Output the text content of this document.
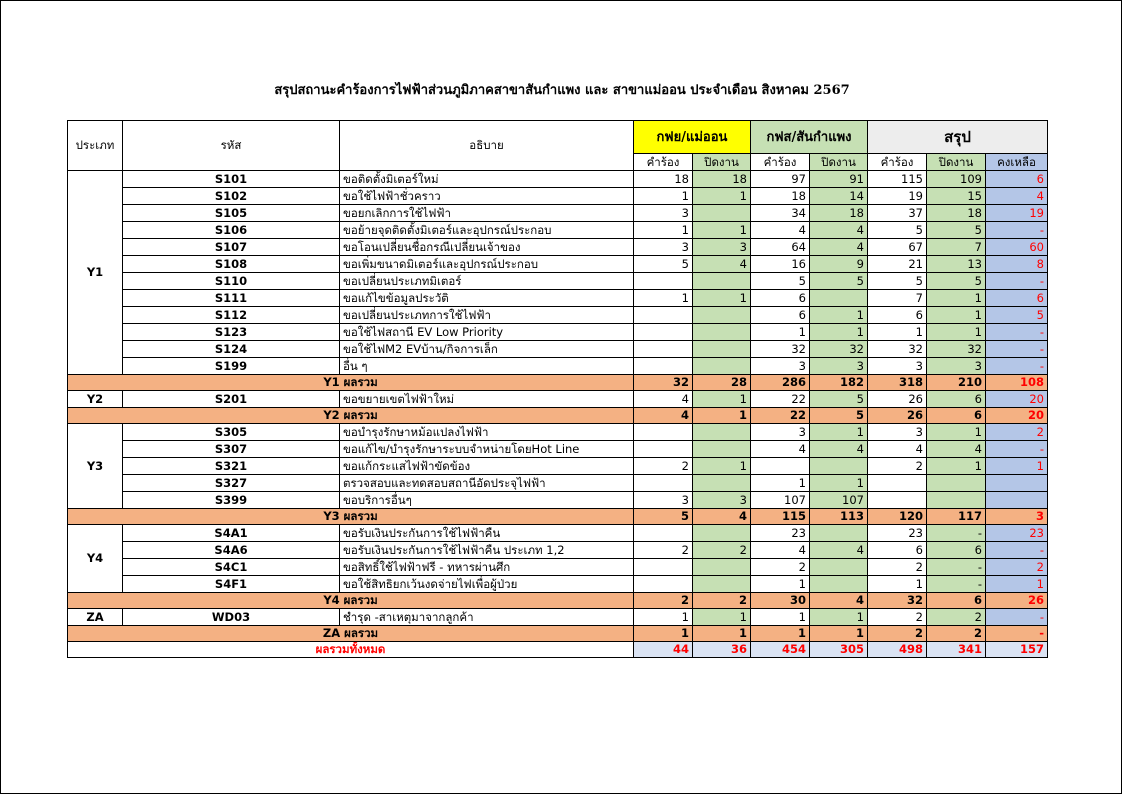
สรุปสถานะคำร้องการไฟฟ้าส่วนภูมิภาคสาขาสันกำแพง และ สาขาแม่ออน ประจำเดือน สิงหาคม 2567
ประเภท	รหัส	อธิบาย	กฟย/แม่ออน		กฟส/สันกำแพง		สรุป		
			คำร้อง	ปิดงาน	คำร้อง	ปิดงาน	คำร้อง	ปิดงาน	คงเหลือ
Y1	S101	ขอติดตั้งมิเตอร์ใหม่	18	18	97	91	115	109	6
	S102	ขอใช้ไฟฟ้าชั่วคราว	1	1	18	14	19	15	4
	S105	ขอยกเลิกการใช้ไฟฟ้า	3		34	18	37	18	19
	S106	ขอย้ายจุดติดตั้งมิเตอร์และอุปกรณ์ประกอบ	1	1	4	4	5	5	-
	S107	ขอโอนเปลี่ยนชื่อกรณีเปลี่ยนเจ้าของ	3	3	64	4	67	7	60
	S108	ขอเพิ่มขนาดมิเตอร์และอุปกรณ์ประกอบ	5	4	16	9	21	13	8
	S110	ขอเปลี่ยนประเภทมิเตอร์			5	5	5	5	-
	S111	ขอแก้ไขข้อมูลประวัติ	1	1	6		7	1	6
	S112	ขอเปลี่ยนประเภทการใช้ไฟฟ้า			6	1	6	1	5
	S123	ขอใช้ไฟสถานี EV Low Priority			1	1	1	1	-
	S124	ขอใช้ไฟM2 EVบ้าน/กิจการเล็ก			32	32	32	32	-
	S199	อื่น ๆ			3	3	3	3	-
Y1 ผลรวม			32	28	286	182	318	210	108
Y2	S201	ขอขยายเขตไฟฟ้าใหม่	4	1	22	5	26	6	20
Y2 ผลรวม			4	1	22	5	26	6	20
Y3	S305	ขอบำรุงรักษาหม้อแปลงไฟฟ้า			3	1	3	1	2
	S307	ขอแก้ไข/บำรุงรักษาระบบจำหน่ายโดยHot Line			4	4	4	4	-
	S321	ขอแก้กระแสไฟฟ้าขัดข้อง	2	1			2	1	1
	S327	ตรวจสอบและทดสอบสถานีอัดประจุไฟฟ้า			1	1			
	S399	ขอบริการอื่นๆ	3	3	107	107			
Y3 ผลรวม			5	4	115	113	120	117	3
Y4	S4A1	ขอรับเงินประกันการใช้ไฟฟ้าคืน			23		23	-	23
	S4A6	ขอรับเงินประกันการใช้ไฟฟ้าคืน ประเภท 1,2	2	2	4	4	6	6	-
	S4C1	ขอสิทธิ์ใช้ไฟฟ้าฟรี - ทหารผ่านศึก			2		2	-	2
	S4F1	ขอใช้สิทธิยกเว้นงดจ่ายไฟเพื่อผู้ป่วย			1		1	-	1
Y4 ผลรวม			2	2	30	4	32	6	26
ZA	WD03	ชำรุด -สาเหตุมาจากลูกค้า	1	1	1	1	2	2	-
ZA ผลรวม			1	1	1	1	2	2	-
ผลรวมทั้งหมด			44	36	454	305	498	341	157
